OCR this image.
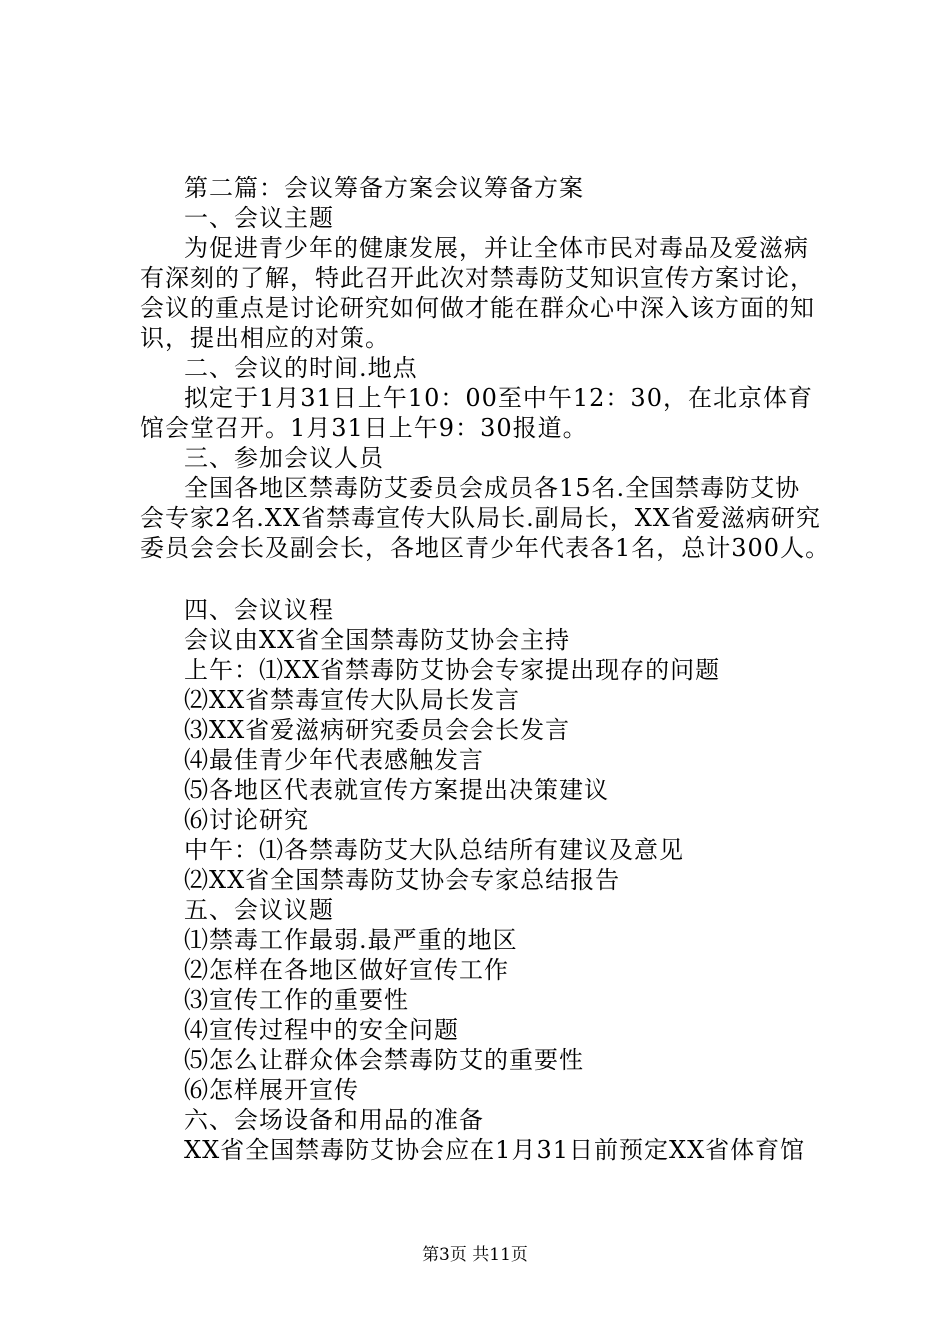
第二篇：会议筹备方案会议筹备方案
一、会议主题
为促进青少年的健康发展，并让全体市民对毒品及爱滋病
有深刻的了解，特此召开此次对禁毒防艾知识宣传方案讨论，
会议的重点是讨论研究如何做才能在群众心中深入该方面的知
识，提出相应的对策。
二、会议的时间.地点
拟定于1月31日上午10：00至中午12：30，在北京体育
馆会堂召开。1月31日上午9：30报道。
三、参加会议人员
全国各地区禁毒防艾委员会成员各15名.全国禁毒防艾协
会专家2名.XX省禁毒宣传大队局长.副局长，XX省爱滋病研究
委员会会长及副会长，各地区青少年代表各1名，总计300人。
四、会议议程
会议由XX省全国禁毒防艾协会主持
上午：⑴XX省禁毒防艾协会专家提出现存的问题
⑵XX省禁毒宣传大队局长发言
⑶XX省爱滋病研究委员会会长发言
⑷最佳青少年代表感触发言
⑸各地区代表就宣传方案提出决策建议
⑹讨论研究
中午：⑴各禁毒防艾大队总结所有建议及意见
⑵XX省全国禁毒防艾协会专家总结报告
五、会议议题
⑴禁毒工作最弱.最严重的地区
⑵怎样在各地区做好宣传工作
⑶宣传工作的重要性
⑷宣传过程中的安全问题
⑸怎么让群众体会禁毒防艾的重要性
⑹怎样展开宣传
六、会场设备和用品的准备
XX省全国禁毒防艾协会应在1月31日前预定XX省体育馆
第3页 共11页
